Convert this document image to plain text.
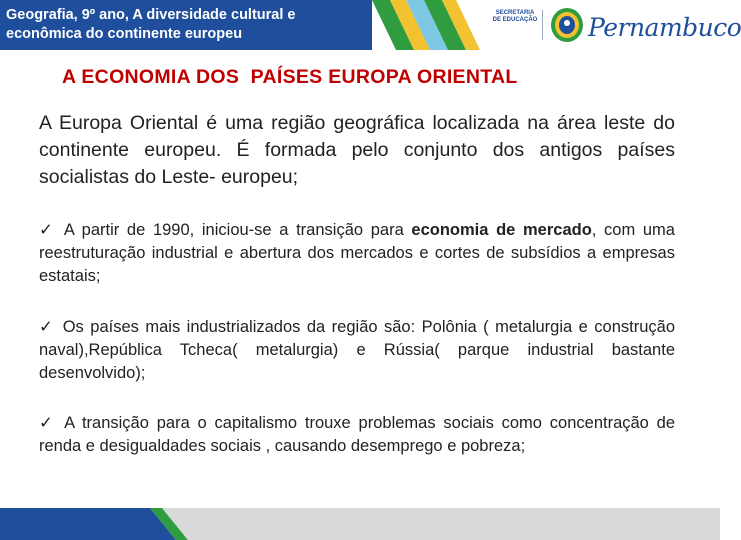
Geografia, 9º ano, A diversidade cultural e econômica do continente europeu
SECRETARIA
DE EDUCAÇÃO Pernambuco
A ECONOMIA DOS  PAÍSES EUROPA ORIENTAL
A Europa Oriental é uma região geográfica localizada na área leste do continente europeu. É formada pelo conjunto dos antigos países socialistas do Leste- europeu;
✓ A partir de 1990, iniciou-se a transição para economia de mercado, com uma reestruturação industrial e abertura dos mercados e cortes de subsídios a empresas estatais;
✓ Os países mais industrializados da região são: Polônia ( metalurgia e construção naval),República Tcheca( metalurgia) e Rússia( parque industrial bastante desenvolvido);
✓ A transição para o capitalismo trouxe problemas sociais como concentração de renda e desigualdades sociais , causando desemprego e pobreza;
